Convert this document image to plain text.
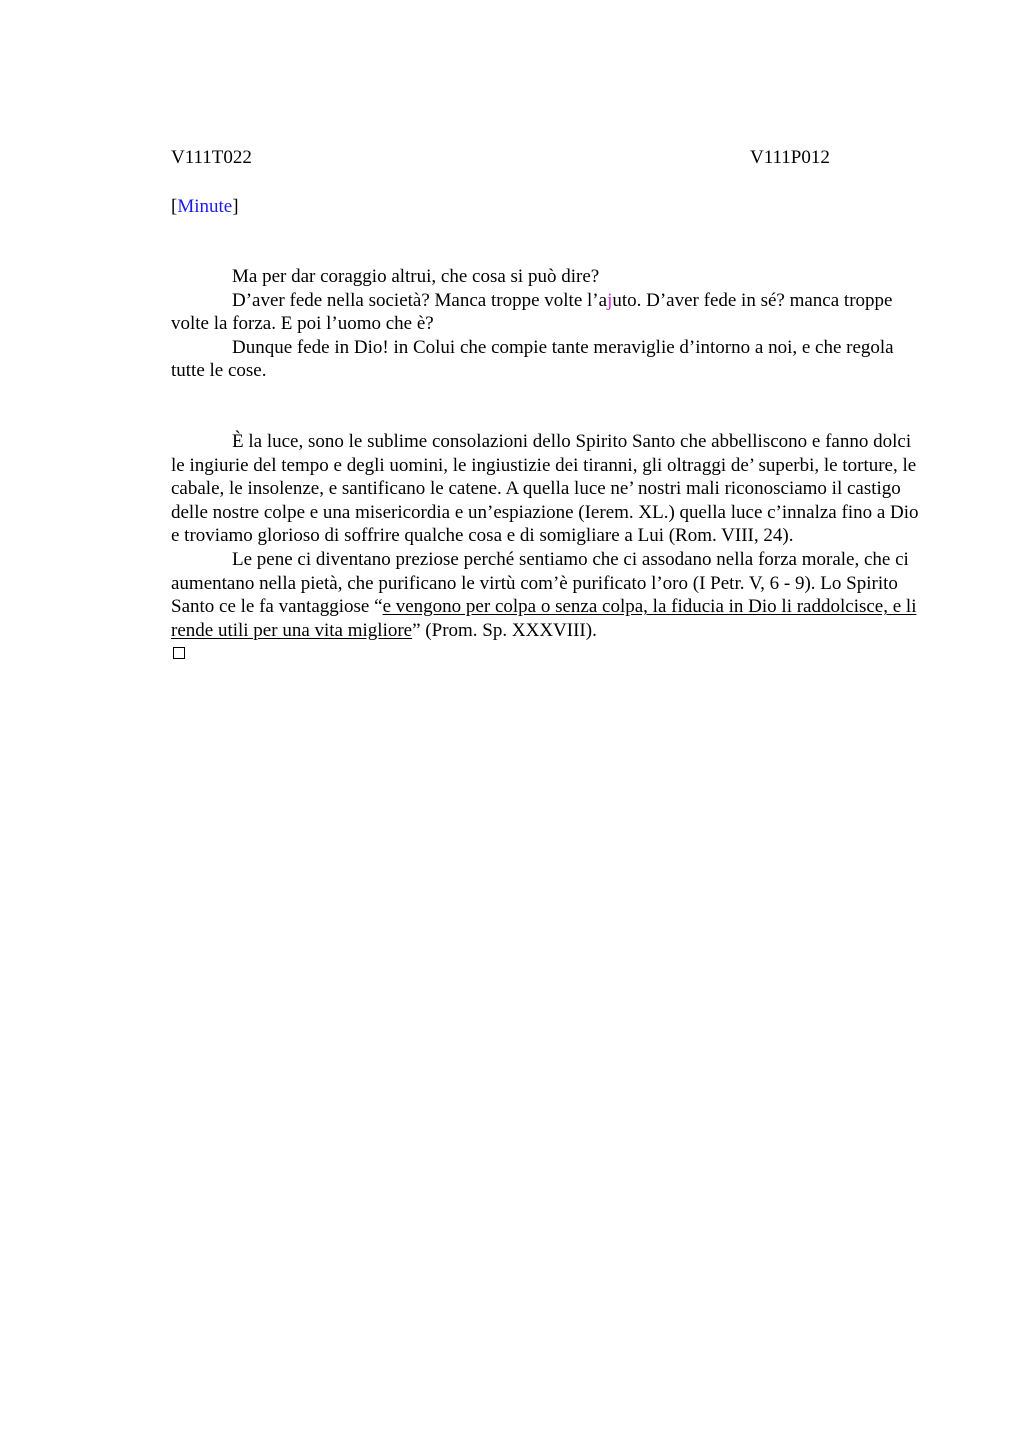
V111T022	V111P012
[Minute]

Ma per dar coraggio altrui, che cosa si può dire?

D’aver fede nella società? Manca troppe volte l’ajuto. D’aver fede in sé? manca troppe volte la forza. E poi l’uomo che è?

Dunque fede in Dio! in Colui che compie tante meraviglie d’intorno a noi, e che regola tutte le cose.

È la luce, sono le sublime consolazioni dello Spirito Santo che abbelliscono e fanno dolci le ingiurie del tempo e degli uomini, le ingiustizie dei tiranni, gli oltraggi de’ superbi, le torture, le cabale, le insolenze, e santificano le catene. A quella luce ne’ nostri mali riconosciamo il castigo delle nostre colpe e una misericordia e un’espiazione (Ierem. XL.) quella luce c’innalza fino a Dio e troviamo glorioso di soffrire qualche cosa e di somigliare a Lui (Rom. VIII, 24).

Le pene ci diventano preziose perché sentiamo che ci assodano nella forza morale, che ci aumentano nella pietà, che purificano le virtù com’è purificato l’oro (I Petr. V, 6 - 9). Lo Spirito Santo ce le fa vantaggiose “e vengono per colpa o senza colpa, la fiducia in Dio li raddolcisce, e li rende utili per una vita migliore” (Prom. Sp. XXXVIII).
